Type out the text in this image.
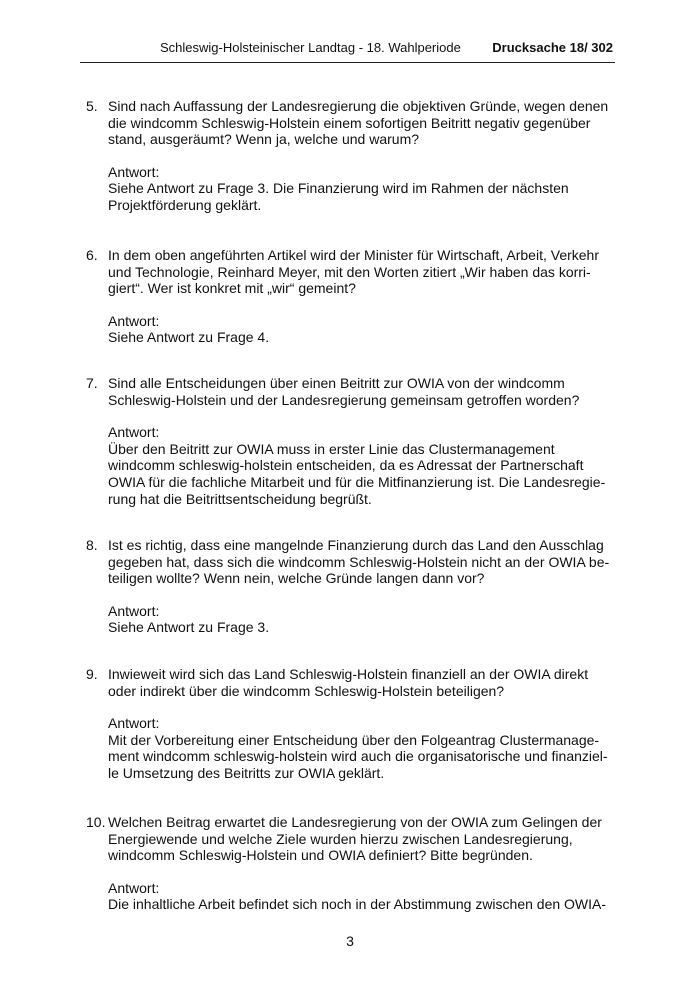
Schleswig-Holsteinischer Landtag - 18. Wahlperiode Drucksache 18/ 302
5. Sind nach Auffassung der Landesregierung die objektiven Gründe, wegen denen
die windcomm Schleswig-Holstein einem sofortigen Beitritt negativ gegenüber
stand, ausgeräumt? Wenn ja, welche und warum?
Antwort:
Siehe Antwort zu Frage 3. Die Finanzierung wird im Rahmen der nächsten
Projektförderung geklärt.
6. In dem oben angeführten Artikel wird der Minister für Wirtschaft, Arbeit, Verkehr
und Technologie, Reinhard Meyer, mit den Worten zitiert „Wir haben das korri-
giert“. Wer ist konkret mit „wir“ gemeint?
Antwort:
Siehe Antwort zu Frage 4.
7. Sind alle Entscheidungen über einen Beitritt zur OWIA von der windcomm
Schleswig-Holstein und der Landesregierung gemeinsam getroffen worden?
Antwort:
Über den Beitritt zur OWIA muss in erster Linie das Clustermanagement
windcomm schleswig-holstein entscheiden, da es Adressat der Partnerschaft
OWIA für die fachliche Mitarbeit und für die Mitfinanzierung ist. Die Landesregie-
rung hat die Beitrittsentscheidung begrüßt.
8. Ist es richtig, dass eine mangelnde Finanzierung durch das Land den Ausschlag
gegeben hat, dass sich die windcomm Schleswig-Holstein nicht an der OWIA be-
teiligen wollte? Wenn nein, welche Gründe langen dann vor?
Antwort:
Siehe Antwort zu Frage 3.
9. Inwieweit wird sich das Land Schleswig-Holstein finanziell an der OWIA direkt
oder indirekt über die windcomm Schleswig-Holstein beteiligen?
Antwort:
Mit der Vorbereitung einer Entscheidung über den Folgeantrag Clustermanage-
ment windcomm schleswig-holstein wird auch die organisatorische und finanziel-
le Umsetzung des Beitritts zur OWIA geklärt.
10. Welchen Beitrag erwartet die Landesregierung von der OWIA zum Gelingen der
Energiewende und welche Ziele wurden hierzu zwischen Landesregierung,
windcomm Schleswig-Holstein und OWIA definiert? Bitte begründen.
Antwort:
Die inhaltliche Arbeit befindet sich noch in der Abstimmung zwischen den OWIA-
3
